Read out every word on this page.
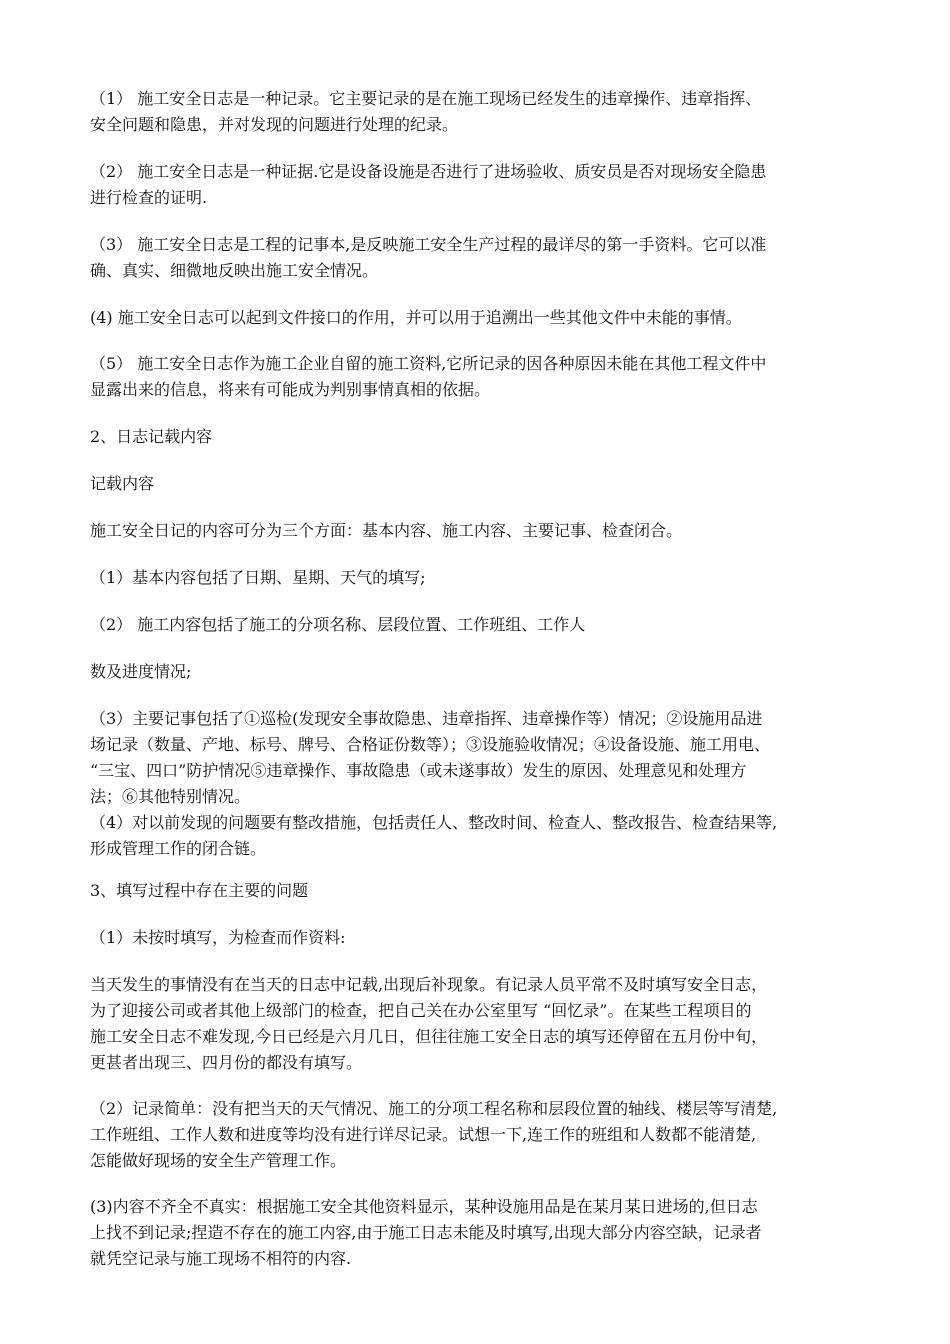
（1） 施工安全日志是一种记录。它主要记录的是在施工现场已经发生的违章操作、违章指挥、
安全问题和隐患，并对发现的问题进行处理的纪录。

（2） 施工安全日志是一种证据.它是设备设施是否进行了进场验收、质安员是否对现场安全隐患
进行检查的证明.

（3） 施工安全日志是工程的记事本,是反映施工安全生产过程的最详尽的第一手资料。它可以准
确、真实、细微地反映出施工安全情况。

(4) 施工安全日志可以起到文件接口的作用，并可以用于追溯出一些其他文件中未能的事情。

（5） 施工安全日志作为施工企业自留的施工资料,它所记录的因各种原因未能在其他工程文件中
显露出来的信息，将来有可能成为判别事情真相的依据。

2、日志记载内容

记载内容

施工安全日记的内容可分为三个方面：基本内容、施工内容、主要记事、检查闭合。

（1）基本内容包括了日期、星期、天气的填写;

（2） 施工内容包括了施工的分项名称、层段位置、工作班组、工作人

数及进度情况;

（3）主要记事包括了①巡检(发现安全事故隐患、违章指挥、违章操作等）情况；②设施用品进
场记录（数量、产地、标号、牌号、合格证份数等）；③设施验收情况；④设备设施、施工用电、
“三宝、四口”防护情况⑤违章操作、事故隐患（或未遂事故）发生的原因、处理意见和处理方
法；⑥其他特别情况。
（4）对以前发现的问题要有整改措施，包括责任人、整改时间、检查人、整改报告、检查结果等,
形成管理工作的闭合链。

3、填写过程中存在主要的问题

（1）未按时填写，为检查而作资料:

当天发生的事情没有在当天的日志中记载,出现后补现象。有记录人员平常不及时填写安全日志，
为了迎接公司或者其他上级部门的检查，把自己关在办公室里写 “回忆录”。在某些工程项目的
施工安全日志不难发现,今日已经是六月几日，但往往施工安全日志的填写还停留在五月份中旬，
更甚者出现三、四月份的都没有填写。

（2）记录简单：没有把当天的天气情况、施工的分项工程名称和层段位置的轴线、楼层等写清楚,
工作班组、工作人数和进度等均没有进行详尽记录。试想一下,连工作的班组和人数都不能清楚,
怎能做好现场的安全生产管理工作。

(3)内容不齐全不真实：根据施工安全其他资料显示，某种设施用品是在某月某日进场的,但日志
上找不到记录;捏造不存在的施工内容,由于施工日志未能及时填写,出现大部分内容空缺，记录者
就凭空记录与施工现场不相符的内容.
